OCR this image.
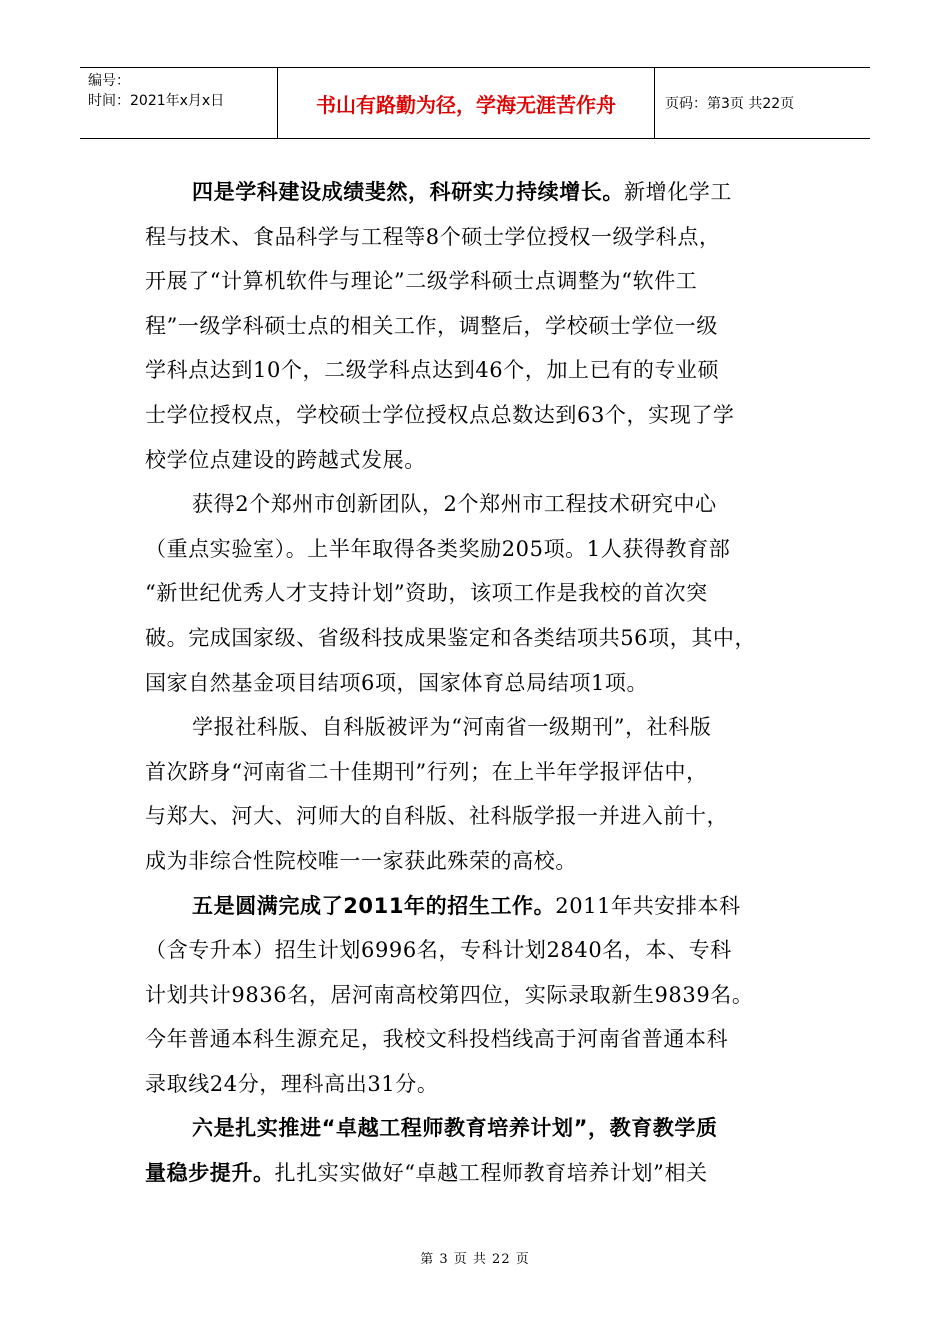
编号：
时间：2021年x月x日	书山有路勤为径，学海无涯苦作舟	页码：第3页 共22页
四是学科建设成绩斐然，科研实力持续增长。新增化学工
程与技术、食品科学与工程等8个硕士学位授权一级学科点，
开展了“计算机软件与理论”二级学科硕士点调整为“软件工
程”一级学科硕士点的相关工作，调整后，学校硕士学位一级
学科点达到10个，二级学科点达到46个，加上已有的专业硕
士学位授权点，学校硕士学位授权点总数达到63个，实现了学
校学位点建设的跨越式发展。
获得2个郑州市创新团队，2个郑州市工程技术研究中心
（重点实验室）。上半年取得各类奖励205项。1人获得教育部
“新世纪优秀人才支持计划”资助，该项工作是我校的首次突
破。完成国家级、省级科技成果鉴定和各类结项共56项，其中，
国家自然基金项目结项6项，国家体育总局结项1项。
学报社科版、自科版被评为“河南省一级期刊”，社科版
首次跻身“河南省二十佳期刊”行列；在上半年学报评估中，
与郑大、河大、河师大的自科版、社科版学报一并进入前十，
成为非综合性院校唯一一家获此殊荣的高校。
五是圆满完成了2011年的招生工作。2011年共安排本科
（含专升本）招生计划6996名，专科计划2840名，本、专科
计划共计9836名，居河南高校第四位，实际录取新生9839名。
今年普通本科生源充足，我校文科投档线高于河南省普通本科
录取线24分，理科高出31分。
六是扎实推进“卓越工程师教育培养计划”，教育教学质
量稳步提升。扎扎实实做好“卓越工程师教育培养计划”相关
第 3 页 共 22 页
